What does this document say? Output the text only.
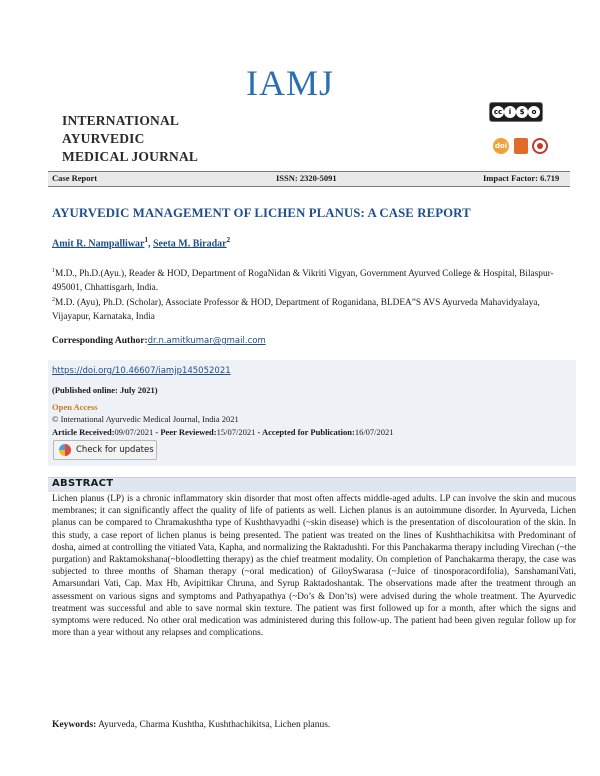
IAMJ
INTERNATIONAL
AYURVEDIC
MEDICAL JOURNAL
cc i	$	o
doi
Case Report	ISSN: 2320-5091	Impact Factor: 6.719
AYURVEDIC MANAGEMENT OF LICHEN PLANUS: A CASE REPORT
Amit R. Nampalliwar$^1$, Seeta M. Biradar$^2$
$^1$M.D., Ph.D.(Ayu.), Reader & HOD, Department of RogaNidan & Vikriti Vigyan, Government Ayurved College & Hospital, Bilaspur-495001, Chhattisgarh, India.
$^2$M.D. (Ayu), Ph.D. (Scholar), Associate Professor & HOD, Department of Roganidana, BLDEA”S AVS Ayurveda Mahavidyalaya, Vijayapur, Karnataka, India
Corresponding Author:dr.n.amitkumar@gmail.com
https://doi.org/10.46607/iamjp145052021
(Published online: July 2021)
Open Access
© International Ayurvedic Medical Journal, India 2021
Article Received:09/07/2021 - Peer Reviewed:15/07/2021 - Accepted for Publication:16/07/2021
Check for updates
ABSTRACT
Lichen planus (LP) is a chronic inflammatory skin disorder that most often affects middle-aged adults. LP can involve the skin and mucous membranes; it can significantly affect the quality of life of patients as well. Lichen planus is an autoimmune disorder. In Ayurveda, Lichen planus can be compared to Chramakushtha type of Kushthavyadhi (~skin disease) which is the presentation of discolouration of the skin. In this study, a case report of lichen planus is being presented. The patient was treated on the lines of Kushthachikitsa with Predominant of dosha, aimed at controlling the vitiated Vata, Kapha, and normalizing the Raktadushti. For this Panchakarma therapy including Virechan (~the purgation) and Raktamokshana(~bloodletting therapy) as the chief treatment modality. On completion of Panchakarma therapy, the case was subjected to three months of Shaman therapy (~oral medication) of GiloySwarasa (~Juice of tinosporacordifolia), SanshamaniVati, Amarsundari Vati, Cap. Max Hb, Avipittikar Chruna, and Syrup Raktadoshantak. The observations made after the treatment through an assessment on various signs and symptoms and Pathyapathya (~Do’s & Don’ts) were advised during the whole treatment. The Ayurvedic treatment was successful and able to save normal skin texture. The patient was first followed up for a month, after which the signs and symptoms were reduced. No other oral medication was administered during this follow-up. The patient had been given regular follow up for more than a year without any relapses and complications.
Keywords: Ayurveda, Charma Kushtha, Kushthachikitsa, Lichen planus.
